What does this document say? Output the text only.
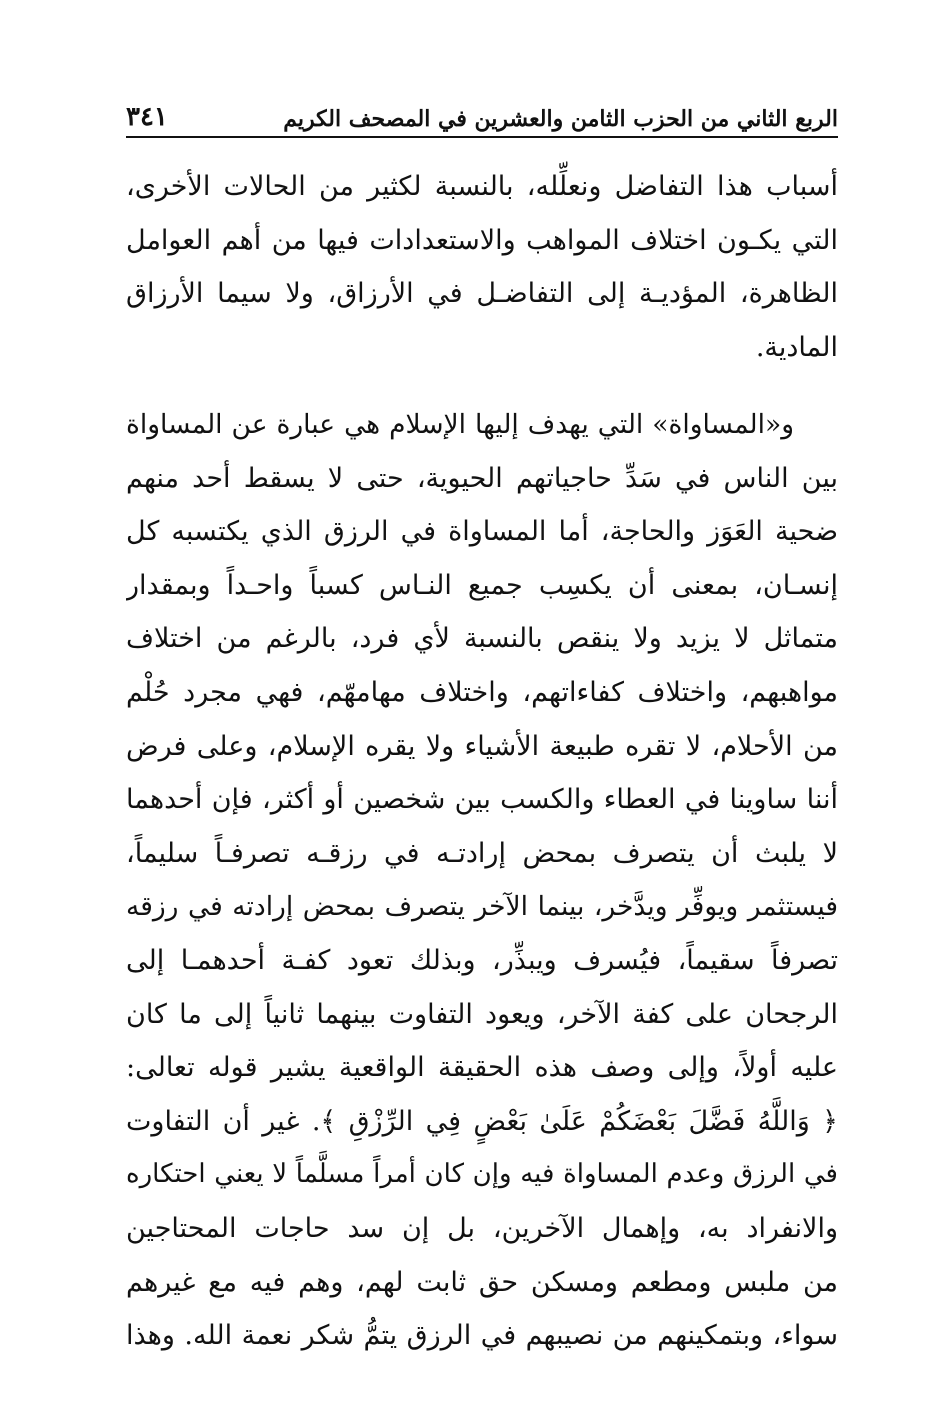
الربع الثاني من الحزب الثامن والعشرين في المصحف الكريم
٣٤١
أسباب هذا التفاضل ونعلِّله، بالنسبة لكثير من الحالات الأخرى،
التي يكـون اختلاف المواهب والاستعدادات فيها من أهم العوامل
الظاهرة، المؤديـة إلى التفاضـل في الأرزاق، ولا سيما الأرزاق
المادية.
و«المساواة» التي يهدف إليها الإسلام هي عبارة عن المساواة
بين الناس في سَدِّ حاجياتهم الحيوية، حتى لا يسقط أحد منهم
ضحية العَوَز والحاجة، أما المساواة في الرزق الذي يكتسبه كل
إنسـان، بمعنى أن يكسِب جميع النـاس كسباً واحـداً وبمقدار
متماثل لا يزيد ولا ينقص بالنسبة لأي فرد، بالرغم من اختلاف
مواهبهم، واختلاف كفاءاتهم، واختلاف مهامهّم، فهي مجرد حُلْم
من الأحلام، لا تقره طبيعة الأشياء ولا يقره الإسلام، وعلى فرض
أننا ساوينا في العطاء والكسب بين شخصين أو أكثر، فإن أحدهما
لا يلبث أن يتصرف بمحض إرادتـه في رزقـه تصرفـاً سليماً،
فيستثمر ويوفِّر ويدَّخر، بينما الآخر يتصرف بمحض إرادته في رزقه
تصرفاً سقيماً، فيُسرف ويبذِّر، وبذلك تعود كفـة أحدهمـا إلى
الرجحان على كفة الآخر، ويعود التفاوت بينهما ثانياً إلى ما كان
عليه أولاً، وإلى وصف هذه الحقيقة الواقعية يشير قوله تعالى:
﴿ وَاللَّهُ فَضَّلَ بَعْضَكُمْ عَلَىٰ بَعْضٍ فِي الرِّزْقِ ﴾. غير أن التفاوت
في الرزق وعدم المساواة فيه وإن كان أمراً مسلَّماً لا يعني احتكاره
والانفراد به، وإهمال الآخرين، بل إن سد حاجات المحتاجين
من ملبس ومطعم ومسكن حق ثابت لهم، وهم فيه مع غيرهم
سواء، وبتمكينهم من نصيبهم في الرزق يتمُّ شكر نعمة الله. وهذا
